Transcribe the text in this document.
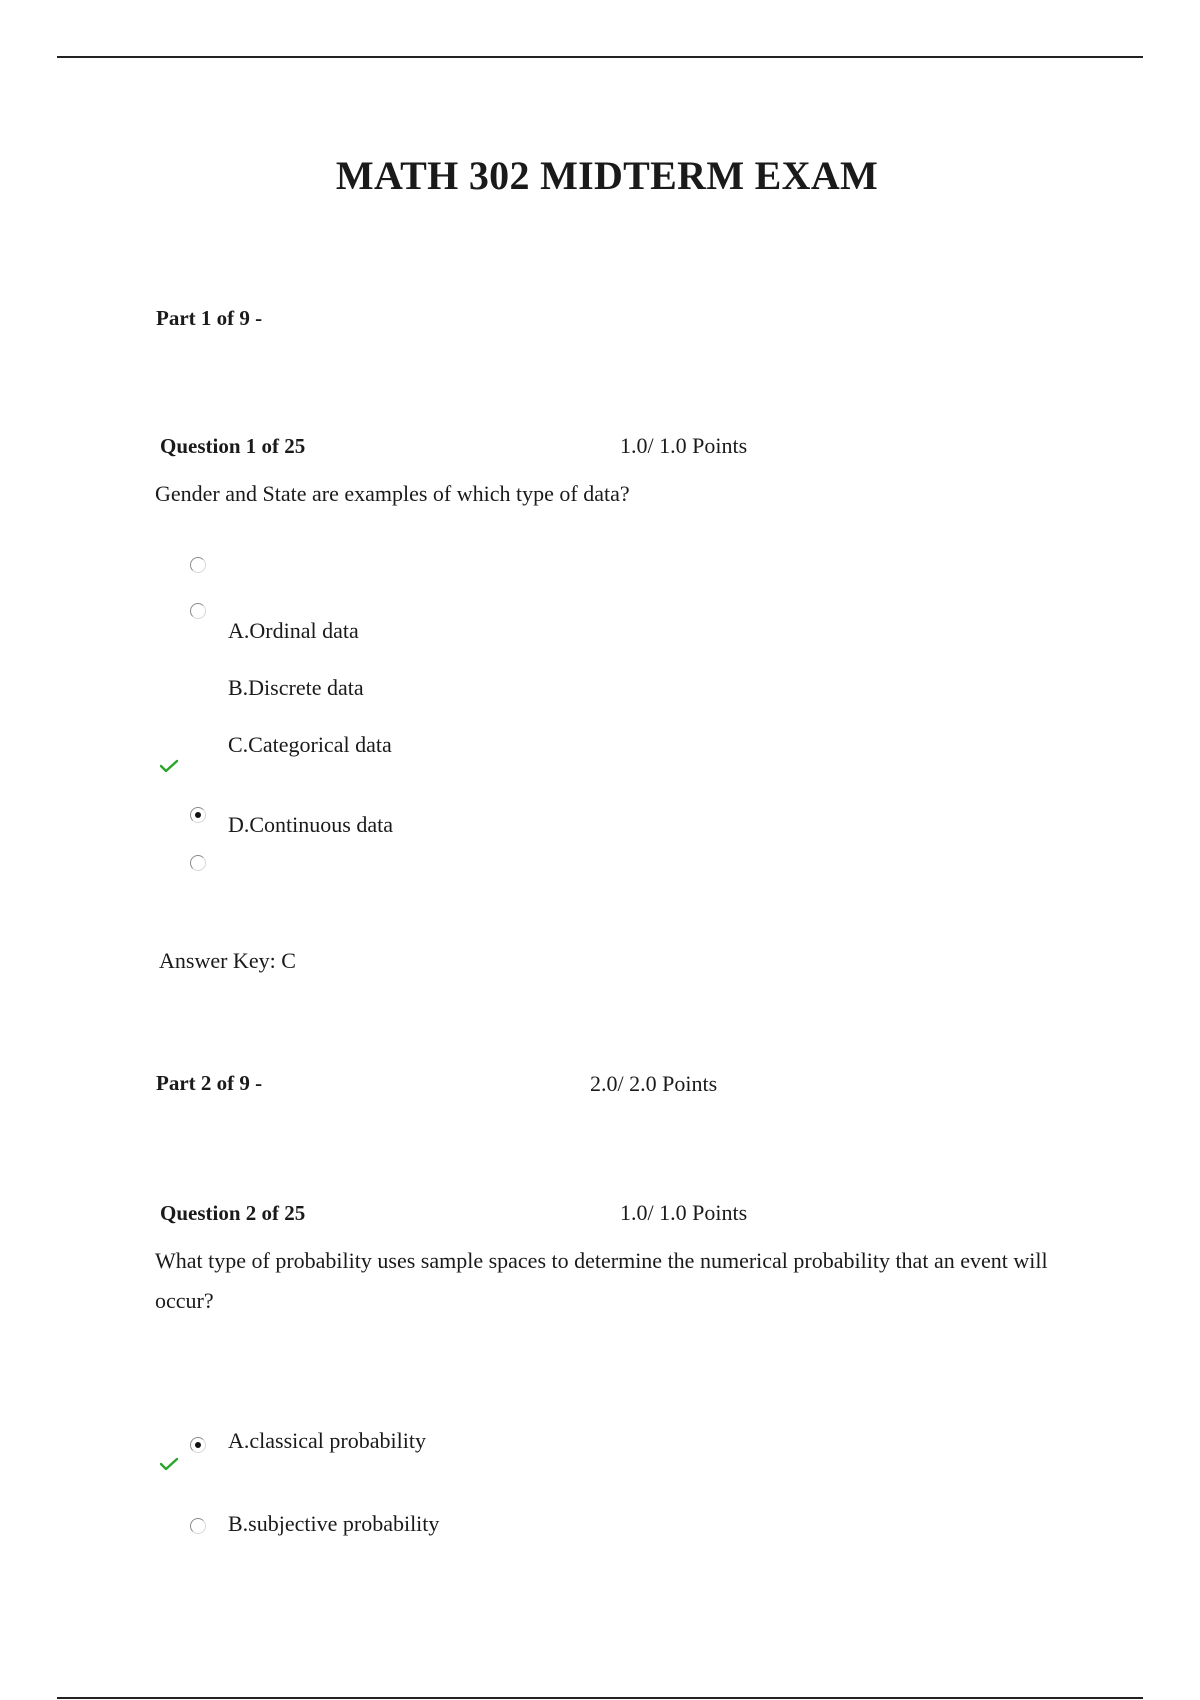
MATH 302 MIDTERM EXAM
Part 1 of 9 -
Question 1 of 25	1.0/ 1.0 Points
Gender and State are examples of which type of data?
A.Ordinal data
B.Discrete data
C.Categorical data
D.Continuous data
Answer Key: C
Part 2 of 9 -	2.0/ 2.0 Points
Question 2 of 25	1.0/ 1.0 Points
What type of probability uses sample spaces to determine the numerical probability that an event will occur?
A.classical probability
B.subjective probability
